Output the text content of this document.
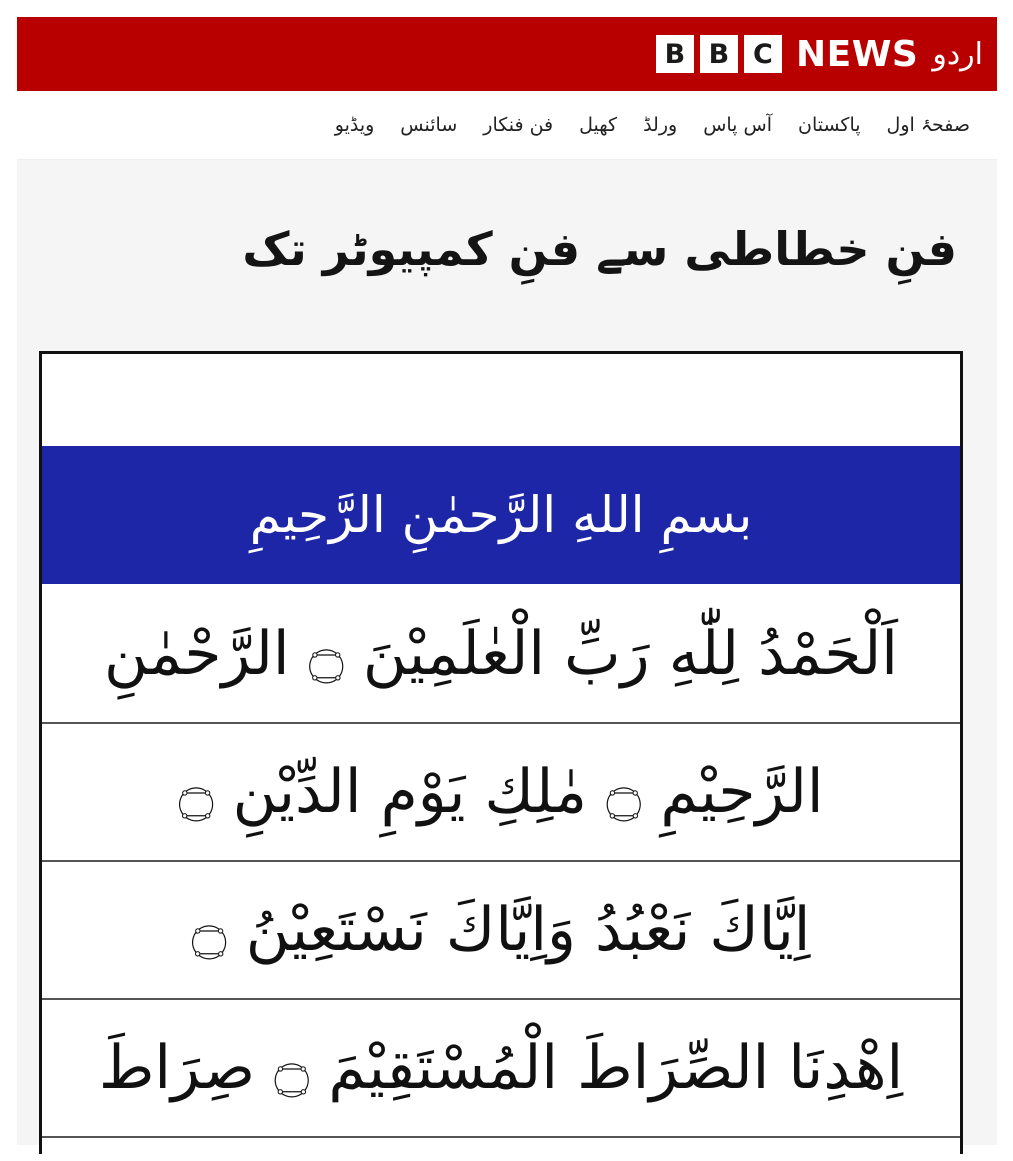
B B C NEWS اردو
صفحۂ اول
پاکستان
آس پاس
ورلڈ
کھیل
فن فنکار
سائنس
ویڈیو
فنِ خطاطی سے فنِ کمپیوٹر تک
بسمِ اللهِ الرَّحمٰنِ الرَّحِيمِ
اَلْحَمْدُ لِلّٰهِ رَبِّ الْعٰلَمِيْنَ ۝ الرَّحْمٰنِ
الرَّحِيْمِ ۝ مٰلِكِ يَوْمِ الدِّيْنِ ۝
اِيَّاكَ نَعْبُدُ وَاِيَّاكَ نَسْتَعِيْنُ ۝
اِهْدِنَا الصِّرَاطَ الْمُسْتَقِيْمَ ۝ صِرَاطَ
